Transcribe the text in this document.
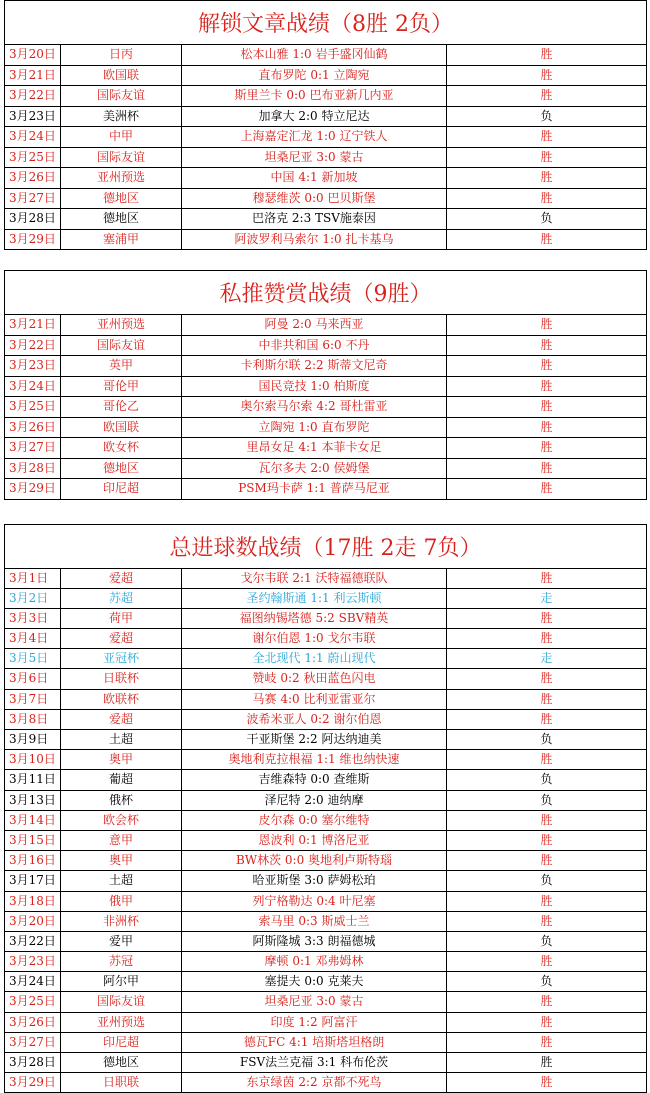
解锁文章战绩（8胜 2负）
3月20日	日丙	松本山雅 1:0 岩手盛冈仙鹤	胜
3月21日	欧国联	直布罗陀 0:1 立陶宛	胜
3月22日	国际友谊	斯里兰卡 0:0 巴布亚新几内亚	胜
3月23日	美洲杯	加拿大 2:0 特立尼达	负
3月24日	中甲	上海嘉定汇龙 1:0 辽宁铁人	胜
3月25日	国际友谊	坦桑尼亚 3:0 蒙古	胜
3月26日	亚州预选	中国 4:1 新加坡	胜
3月27日	德地区	穆瑟维茨 0:0 巴贝斯堡	胜
3月28日	德地区	巴洛克 2:3 TSV施泰因	负
3月29日	塞浦甲	阿波罗利马索尔 1:0 扎卡基乌	胜
私推赞赏战绩（9胜）
3月21日	亚州预选	阿曼 2:0 马来西亚	胜
3月22日	国际友谊	中非共和国 6:0 不丹	胜
3月23日	英甲	卡利斯尔联 2:2 斯蒂文尼奇	胜
3月24日	哥伦甲	国民竞技 1:0 柏斯度	胜
3月25日	哥伦乙	奥尔索马尔索 4:2 哥杜雷亚	胜
3月26日	欧国联	立陶宛 1:0 直布罗陀	胜
3月27日	欧女杯	里昂女足 4:1 本菲卡女足	胜
3月28日	德地区	瓦尔多夫 2:0 侯姆堡	胜
3月29日	印尼超	PSM玛卡萨 1:1 普萨马尼亚	胜
总进球数战绩（17胜 2走 7负）
3月1日	爱超	戈尔韦联 2:1 沃特福德联队	胜
3月2日	苏超	圣约翰斯通 1:1 利云斯顿	走
3月3日	荷甲	福图纳锡塔德 5:2 SBV精英	胜
3月4日	爱超	谢尔伯恩 1:0 戈尔韦联	胜
3月5日	亚冠杯	全北现代 1:1 蔚山现代	走
3月6日	日联杯	赞岐 0:2 秋田蓝色闪电	胜
3月7日	欧联杯	马赛 4:0 比利亚雷亚尔	胜
3月8日	爱超	波希米亚人 0:2 谢尔伯恩	胜
3月9日	土超	干亚斯堡 2:2 阿达纳迪美	负
3月10日	奥甲	奥地利克拉根福 1:1 维也纳快速	胜
3月11日	葡超	吉维森特 0:0 查维斯	负
3月13日	俄杯	泽尼特 2:0 迪纳摩	负
3月14日	欧会杯	皮尔森 0:0 塞尔维特	胜
3月15日	意甲	恩波利 0:1 博洛尼亚	胜
3月16日	奥甲	BW林茨 0:0 奥地利卢斯特瑙	胜
3月17日	土超	哈亚斯堡 3:0 萨姆松珀	负
3月18日	俄甲	列宁格勒达 0:4 叶尼塞	胜
3月20日	非洲杯	索马里 0:3 斯威士兰	胜
3月22日	爱甲	阿斯隆城 3:3 朗福德城	负
3月23日	苏冠	摩顿 0:1 邓弗姆林	胜
3月24日	阿尔甲	塞提夫 0:0 克莱夫	负
3月25日	国际友谊	坦桑尼亚 3:0 蒙古	胜
3月26日	亚州预选	印度 1:2 阿富汗	胜
3月27日	印尼超	德瓦FC 4:1 培斯塔坦格朗	胜
3月28日	德地区	FSV法兰克福 3:1 科布伦茨	胜
3月29日	日职联	东京绿茵 2:2 京都不死鸟	胜
